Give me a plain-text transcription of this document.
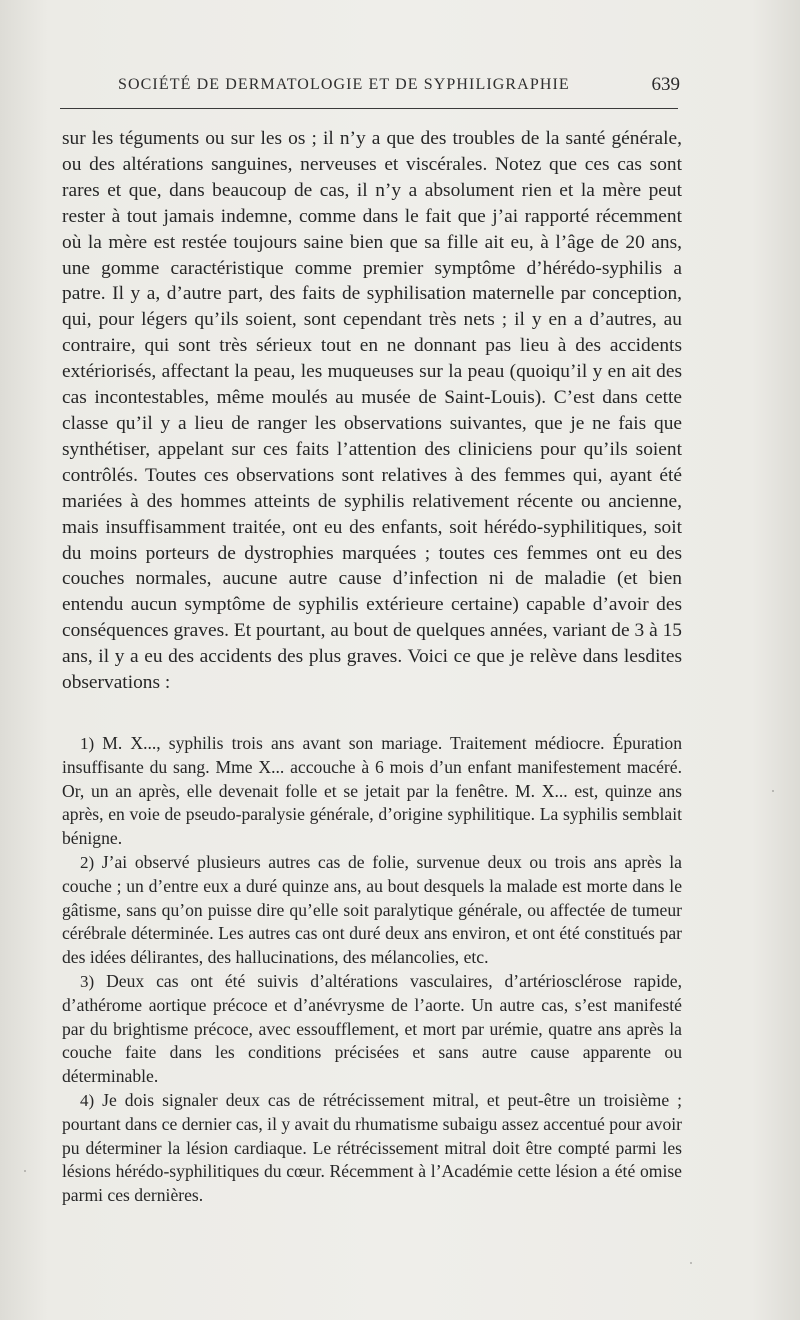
SOCIÉTÉ DE DERMATOLOGIE ET DE SYPHILIGRAPHIE	639

sur les téguments ou sur les os ; il n’y a que des troubles de la santé générale, ou des altérations sanguines, nerveuses et viscérales. Notez que ces cas sont rares et que, dans beaucoup de cas, il n’y a absolument rien et la mère peut rester à tout jamais indemne, comme dans le fait que j’ai rapporté récemment où la mère est restée toujours saine bien que sa fille ait eu, à l’âge de 20 ans, une gomme caractéristique comme premier symptôme d’hérédo-syphilis a patre. Il y a, d’autre part, des faits de syphilisation maternelle par conception, qui, pour légers qu’ils soient, sont cependant très nets ; il y en a d’autres, au contraire, qui sont très sérieux tout en ne donnant pas lieu à des accidents extériorisés, affectant la peau, les muqueuses sur la peau (quoiqu’il y en ait des cas incontestables, même moulés au musée de Saint-Louis). C’est dans cette classe qu’il y a lieu de ranger les observations suivantes, que je ne fais que synthétiser, appelant sur ces faits l’attention des cliniciens pour qu’ils soient contrôlés. Toutes ces observations sont relatives à des femmes qui, ayant été mariées à des hommes atteints de syphilis relativement récente ou ancienne, mais insuffisamment traitée, ont eu des enfants, soit hérédo-syphilitiques, soit du moins porteurs de dystrophies marquées ; toutes ces femmes ont eu des couches normales, aucune autre cause d’infection ni de maladie (et bien entendu aucun symptôme de syphilis extérieure certaine) capable d’avoir des conséquences graves. Et pourtant, au bout de quelques années, variant de 3 à 15 ans, il y a eu des accidents des plus graves. Voici ce que je relève dans lesdites observations :

1) M. X..., syphilis trois ans avant son mariage. Traitement médiocre. Épuration insuffisante du sang. Mme X... accouche à 6 mois d’un enfant manifestement macéré. Or, un an après, elle devenait folle et se jetait par la fenêtre. M. X... est, quinze ans après, en voie de pseudo-paralysie générale, d’origine syphilitique. La syphilis semblait bénigne.

2) J’ai observé plusieurs autres cas de folie, survenue deux ou trois ans après la couche ; un d’entre eux a duré quinze ans, au bout desquels la malade est morte dans le gâtisme, sans qu’on puisse dire qu’elle soit paralytique générale, ou affectée de tumeur cérébrale déterminée. Les autres cas ont duré deux ans environ, et ont été constitués par des idées délirantes, des hallucinations, des mélancolies, etc.

3) Deux cas ont été suivis d’altérations vasculaires, d’artériosclérose rapide, d’athérome aortique précoce et d’anévrysme de l’aorte. Un autre cas, s’est manifesté par du brightisme précoce, avec essoufflement, et mort par urémie, quatre ans après la couche faite dans les conditions précisées et sans autre cause apparente ou déterminable.

4) Je dois signaler deux cas de rétrécissement mitral, et peut-être un troisième ; pourtant dans ce dernier cas, il y avait du rhumatisme subaigu assez accentué pour avoir pu déterminer la lésion cardiaque. Le rétrécissement mitral doit être compté parmi les lésions hérédo-syphilitiques du cœur. Récemment à l’Académie cette lésion a été omise parmi ces dernières.
